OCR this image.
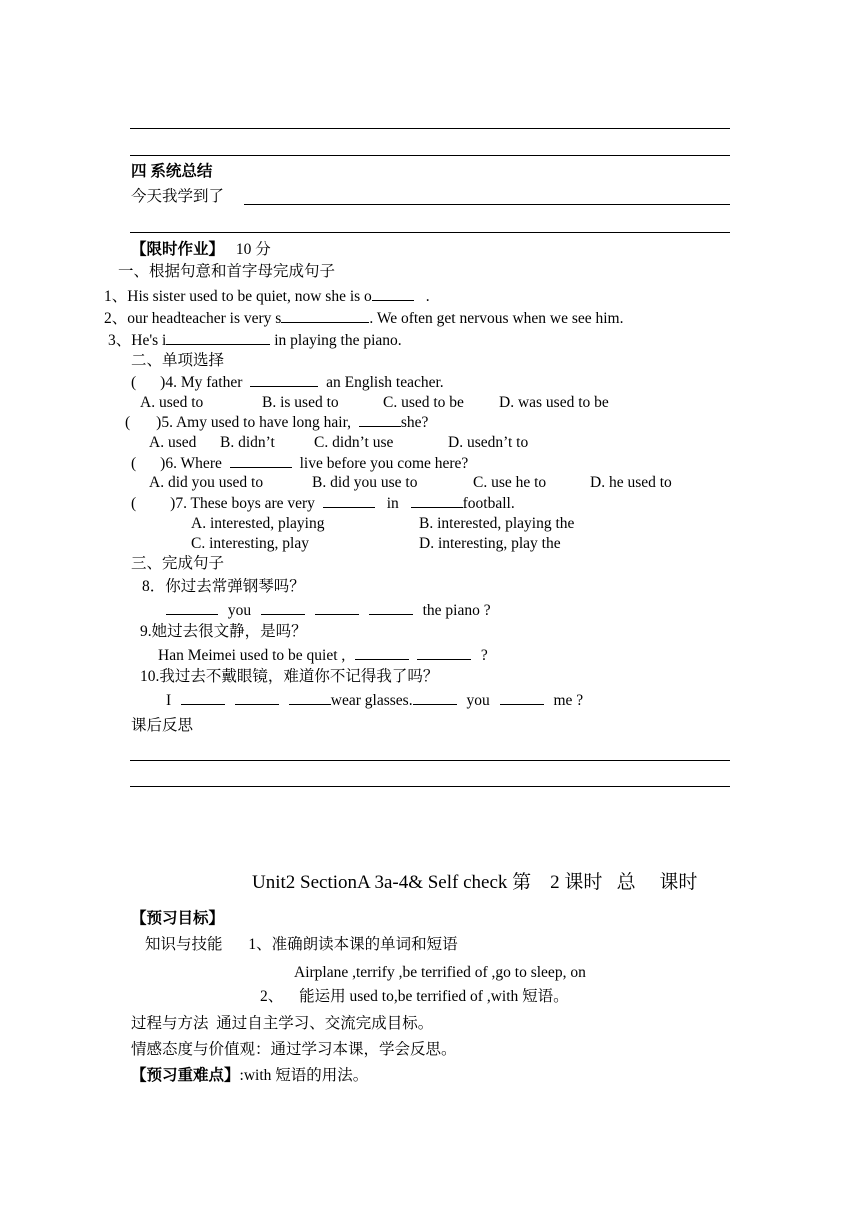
四 系统总结
今天我学到了
【限时作业】 10 分
一、根据句意和首字母完成句子
1、His sister used to be quiet, now she is o	.
2、our headteacher is very s	. We often get nervous when we see him.
3、He's i	in playing the piano.
二、单项选择
( )4. My father	an English teacher.
A. used to	B. is used to	C. used to be D. was used to be
( )5. Amy used to have long hair,	she?
A. used B. didn’t	C. didn’t use	D. usedn’t to
( )6. Where	live before you come here?
A. did you used to	B. did you use to	C. use he to	D. he used to
( )7. These boys are very	in	football.
A. interested, playing	B. interested, playing the
C. interesting, play	D. interesting, play the
三、完成句子
8．你过去常弹钢琴吗？
you	the piano ?
9.她过去很文静，是吗？
Han Meimei used to be quiet ,	?
10.我过去不戴眼镜，难道你不记得我了吗？
I	wear glasses.	you	me ?
课后反思
Unit2 SectionA 3a-4& Self check 第    2 课时   总     课时
【预习目标】
知识与技能 1、准确朗读本课的单词和短语
Airplane ,terrify ,be terrified of ,go to sleep, on
2、 能运用 used to,be terrified of ,with 短语。
过程与方法  通过自主学习、交流完成目标。
情感态度与价值观：通过学习本课，学会反思。
【预习重难点】:with 短语的用法。
